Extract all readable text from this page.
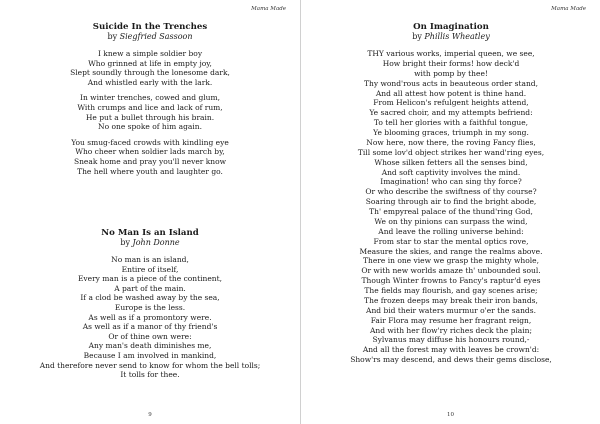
Mama Made

Suicide In the Trenches

by Siegfried Sassoon

I knew a simple soldier boy
Who grinned at life in empty joy,
Slept soundly through the lonesome dark,
And whistled early with the lark.
In winter trenches, cowed and glum,
With crumps and lice and lack of rum,
He put a bullet through his brain.
No one spoke of him again.
You smug-faced crowds with kindling eye
Who cheer when soldier lads march by,
Sneak home and pray you'll never know
The hell where youth and laughter go.

No Man Is an Island

by John Donne

No man is an island,
Entire of itself,
Every man is a piece of the continent,
A part of the main.
If a clod be washed away by the sea,
Europe is the less.
As well as if a promontory were.
As well as if a manor of thy friend's
Or of thine own were:
Any man's death diminishes me,
Because I am involved in mankind,
And therefore never send to know for whom the bell tolls;
It tolls for thee.
9
Mama Made

On Imagination

by Phillis Wheatley

THY various works, imperial queen, we see,
How bright their forms! how deck'd
with pomp by thee!
Thy wond'rous acts in beauteous order stand,
And all attest how potent is thine hand.
From Helicon's refulgent heights attend,
Ye sacred choir, and my attempts befriend:
To tell her glories with a faithful tongue,
Ye blooming graces, triumph in my song.
Now here, now there, the roving Fancy flies,
Till some lov'd object strikes her wand'ring eyes,
Whose silken fetters all the senses bind,
And soft captivity involves the mind.
Imagination! who can sing thy force?
Or who describe the swiftness of thy course?
Soaring through air to find the bright abode,
Th' empyreal palace of the thund'ring God,
We on thy pinions can surpass the wind,
And leave the rolling universe behind:
From star to star the mental optics rove,
Measure the skies, and range the realms above.
There in one view we grasp the mighty whole,
Or with new worlds amaze th' unbounded soul.
Though Winter frowns to Fancy's raptur'd eyes
The fields may flourish, and gay scenes arise;
The frozen deeps may break their iron bands,
And bid their waters murmur o'er the sands.
Fair Flora may resume her fragrant reign,
And with her flow'ry riches deck the plain;
Sylvanus may diffuse his honours round,-
And all the forest may with leaves be crown'd:
Show'rs may descend, and dews their gems disclose,
10
